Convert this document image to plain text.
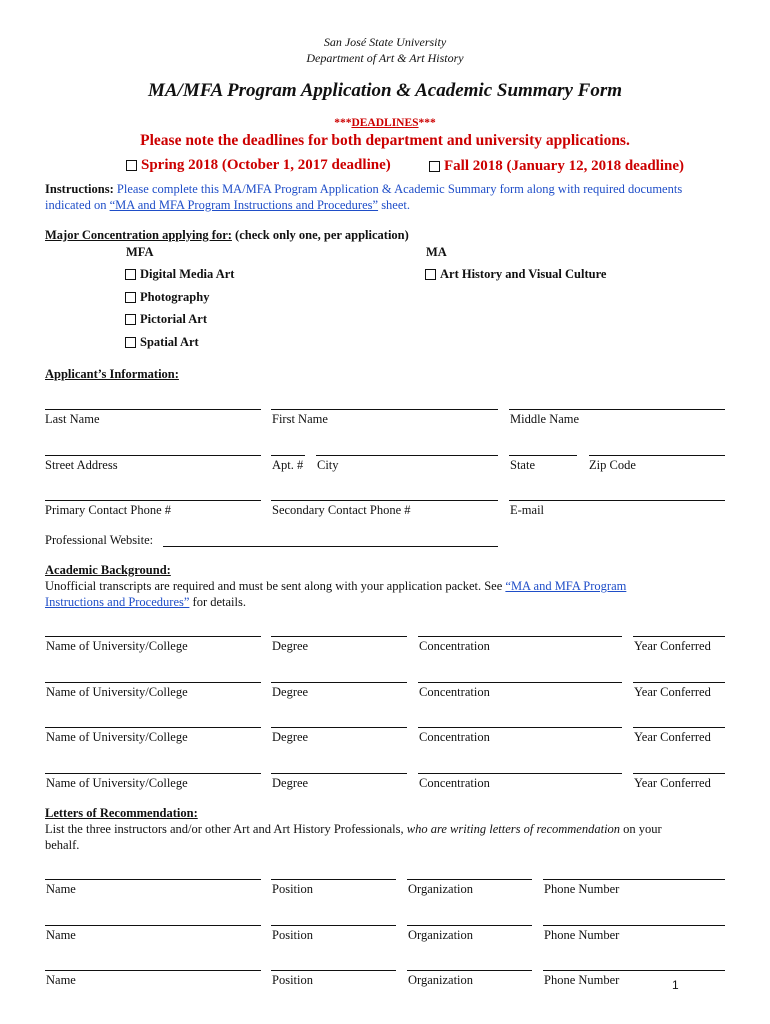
San José State University
Department of Art & Art History
MA/MFA Program Application & Academic Summary Form
***DEADLINES***
Please note the deadlines for both department and university applications.
Spring 2018 (October 1, 2017 deadline)	Fall 2018 (January 12, 2018 deadline)
Instructions: Please complete this MA/MFA Program Application & Academic Summary form along with required documents
indicated on “MA and MFA Program Instructions and Procedures” sheet.
Major Concentration applying for: (check only one, per application)
MFA	MA
Digital Media Art
Photography
Pictorial Art
Spatial Art
Art History and Visual Culture
Applicant’s Information:
Last Name	First Name	Middle Name
Street Address	Apt. # City	State	Zip Code
Primary Contact Phone #	Secondary Contact Phone #	E-mail
Professional Website:
Academic Background:
Unofficial transcripts are required and must be sent along with your application packet. See “MA and MFA Program
Instructions and Procedures” for details.
Name of University/College	Degree	Concentration	Year Conferred
Name of University/College	Degree	Concentration	Year Conferred
Name of University/College	Degree	Concentration	Year Conferred
Name of University/College	Degree	Concentration	Year Conferred
Letters of Recommendation:
List the three instructors and/or other Art and Art History Professionals, who are writing letters of recommendation on your
behalf.
Name	Position	Organization	Phone Number
Name	Position	Organization	Phone Number
Name	Position	Organization	Phone Number	1
